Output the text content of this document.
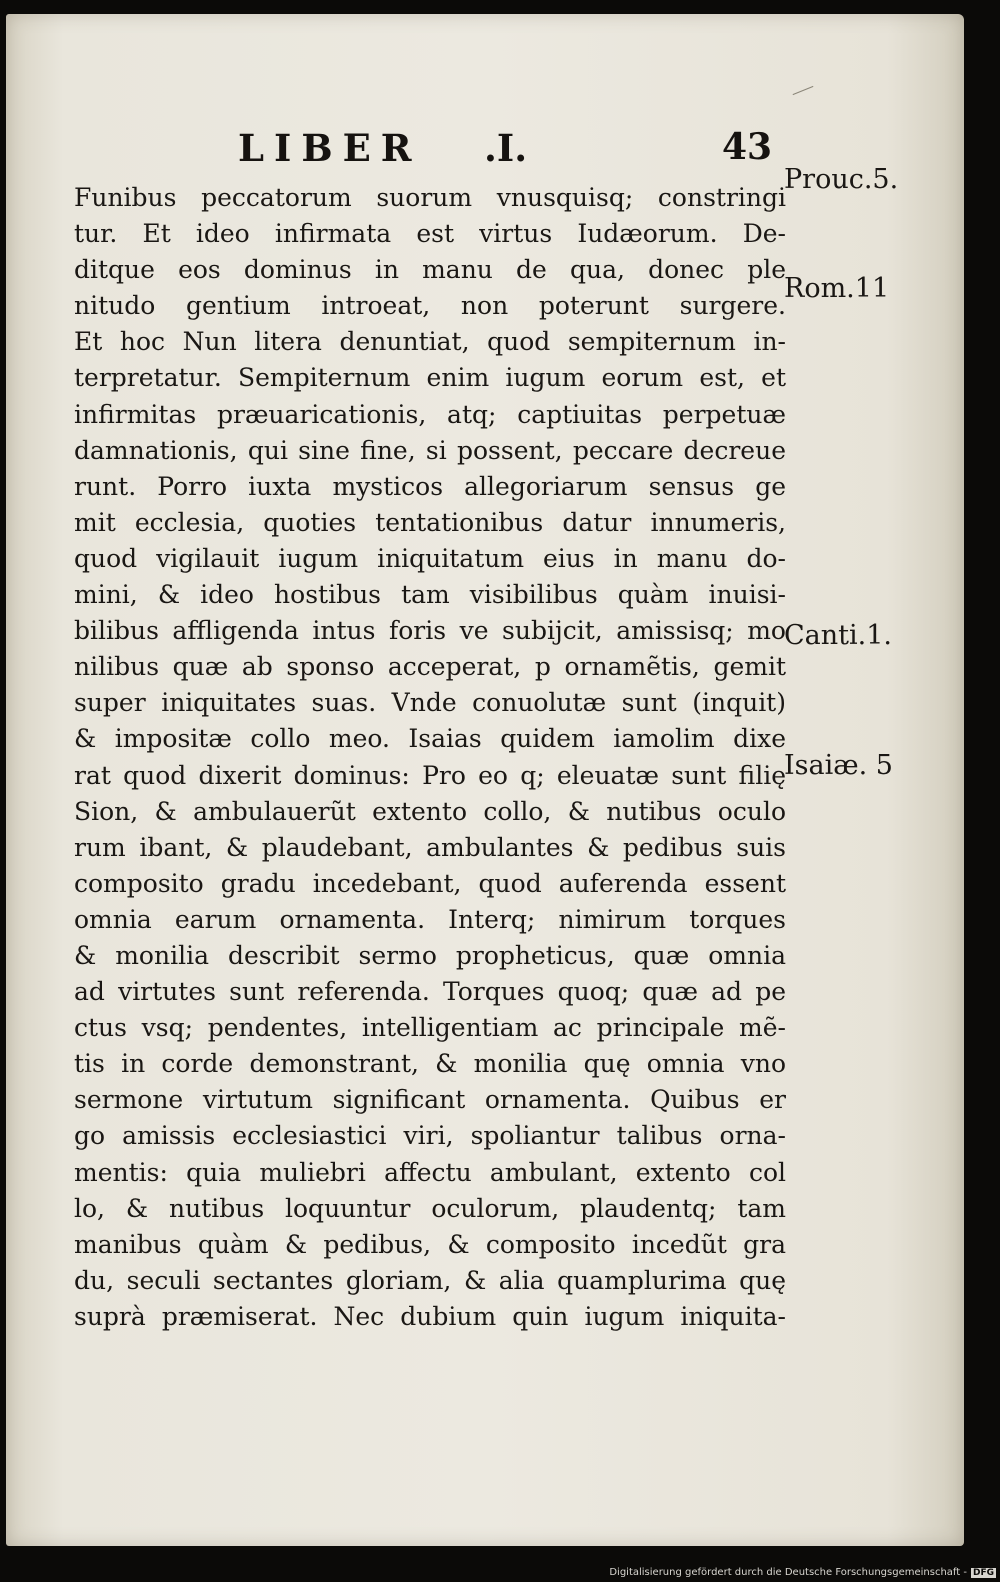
LIBER .I.	43
Funibus peccatorum suorum vnusquisq; constringi
tur. Et ideo infirmata est virtus Iudæorum. De-
ditque eos dominus in manu de qua, donec ple
nitudo gentium introeat, non poterunt surgere.
Et hoc Nun litera denuntiat, quod sempiternum in-
terpretatur. Sempiternum enim iugum eorum est, et
infirmitas præuaricationis, atq; captiuitas perpetuæ
damnationis, qui sine fine, si possent, peccare decreue
runt. Porro iuxta mysticos allegoriarum sensus ge
mit ecclesia, quoties tentationibus datur innumeris,
quod vigilauit iugum iniquitatum eius in manu do-
mini, & ideo hostibus tam visibilibus quàm inuisi-
bilibus affligenda intus foris ve subijcit, amissisq; mo
nilibus quæ ab sponso acceperat, p ornamẽtis, gemit
super iniquitates suas. Vnde conuolutæ sunt (inquit)
& impositæ collo meo. Isaias quidem iamolim dixe
rat quod dixerit dominus: Pro eo q; eleuatæ sunt filię
Sion, & ambulauerũt extento collo, & nutibus oculo
rum ibant, & plaudebant, ambulantes & pedibus suis
composito gradu incedebant, quod auferenda essent
omnia earum ornamenta. Interq; nimirum torques
& monilia describit sermo propheticus, quæ omnia
ad virtutes sunt referenda. Torques quoq; quæ ad pe
ctus vsq; pendentes, intelligentiam ac principale mẽ-
tis in corde demonstrant, & monilia quę omnia vno
sermone virtutum significant ornamenta. Quibus er
go amissis ecclesiastici viri, spoliantur talibus orna-
mentis: quia muliebri affectu ambulant, extento col
lo, & nutibus loquuntur oculorum, plaudentq; tam
manibus quàm & pedibus, & composito incedũt gra
du, seculi sectantes gloriam, & alia quamplurima quę
suprà præmiserat. Nec dubium quin iugum iniquita-
Prouc.5.
Rom.11
Canti.1.
Isaiæ. 5
Digitalisierung gefördert durch die Deutsche Forschungsgemeinschaft - DFG
